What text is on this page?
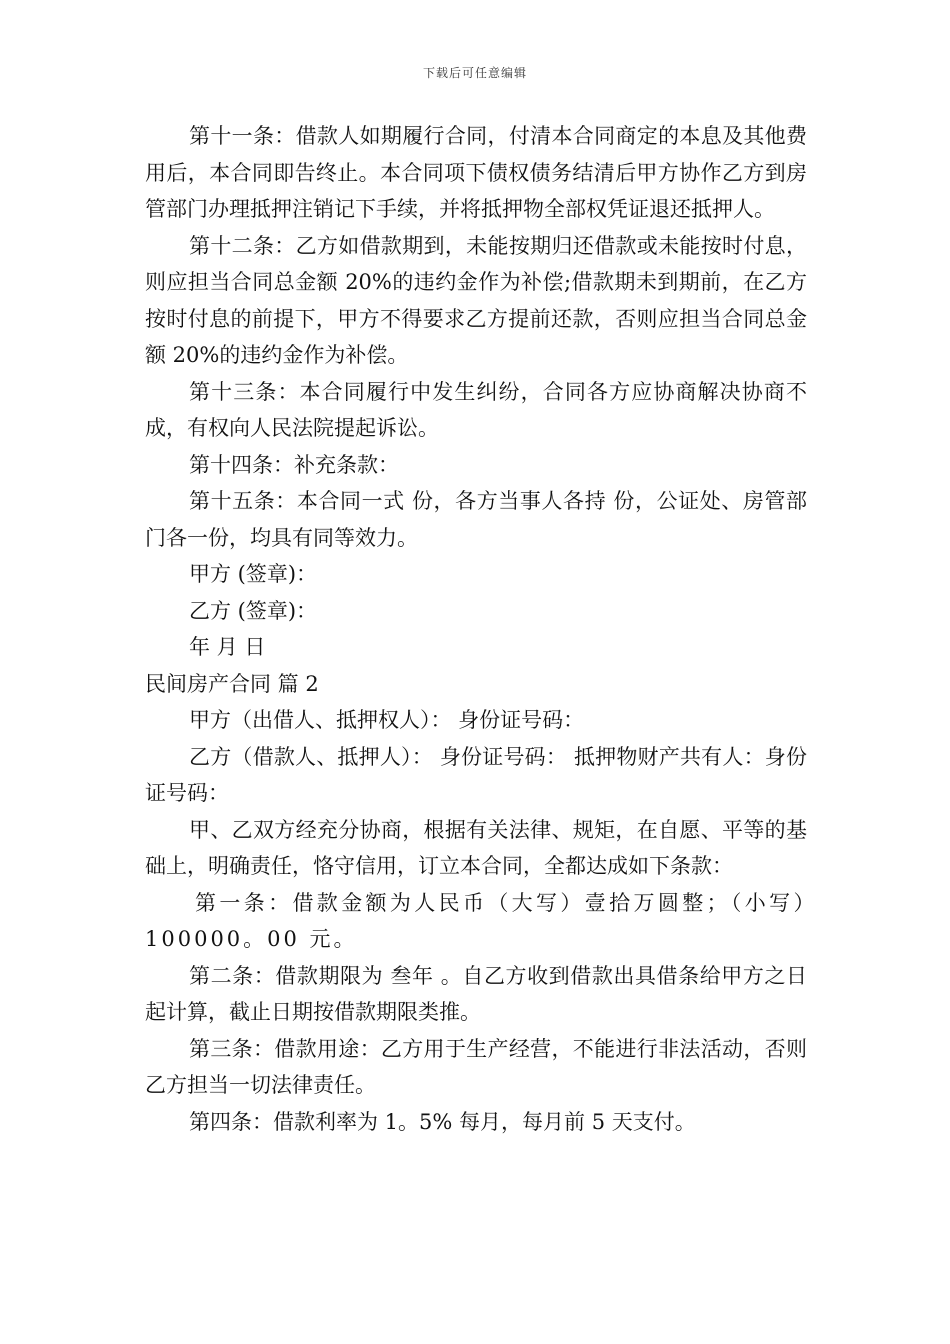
下载后可任意编辑

第十一条：借款人如期履行合同，付清本合同商定的本息及其他费用后，本合同即告终止。本合同项下债权债务结清后甲方协作乙方到房管部门办理抵押注销记下手续，并将抵押物全部权凭证退还抵押人。

第十二条：乙方如借款期到，未能按期归还借款或未能按时付息，则应担当合同总金额 20%的违约金作为补偿;借款期未到期前，在乙方按时付息的前提下，甲方不得要求乙方提前还款，否则应担当合同总金额 20%的违约金作为补偿。

第十三条：本合同履行中发生纠纷，合同各方应协商解决协商不成，有权向人民法院提起诉讼。

第十四条：补充条款：

第十五条：本合同一式 份，各方当事人各持 份，公证处、房管部门各一份，均具有同等效力。

甲方 (签章)：

乙方 (签章)：

年 月 日

民间房产合同 篇 2

甲方（出借人、抵押权人）： 身份证号码：

乙方（借款人、抵押人）： 身份证号码： 抵押物财产共有人：身份证号码：

甲、乙双方经充分协商，根据有关法律、规矩，在自愿、平等的基础上，明确责任，恪守信用，订立本合同，全都达成如下条款：

第一条：借款金额为人民币（大写）壹拾万圆整；（小写）100000。00 元。

第二条：借款期限为 叁年 。自乙方收到借款出具借条给甲方之日起计算，截止日期按借款期限类推。

第三条：借款用途：乙方用于生产经营，不能进行非法活动，否则乙方担当一切法律责任。

第四条：借款利率为 1。5% 每月，每月前 5 天支付。
